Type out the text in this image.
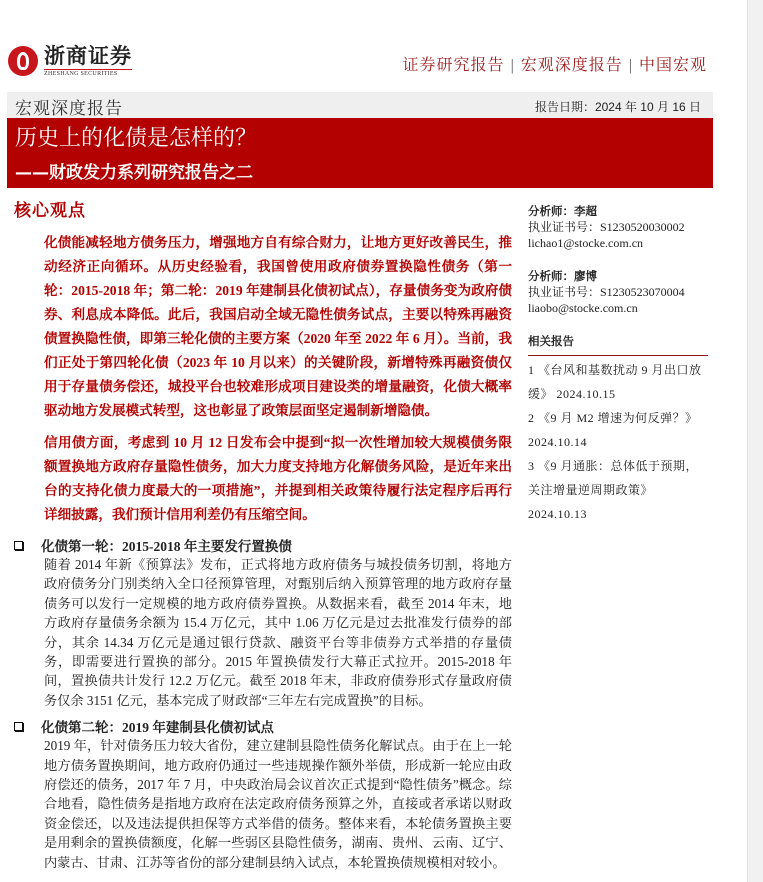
浙商证券
ZHESHANG SECURITIES	证券研究报告 | 宏观深度报告 | 中国宏观
宏观深度报告	报告日期：2024 年 10 月 16 日
历史上的化债是怎样的？
——财政发力系列研究报告之二
分析师：李超
执业证书号：S1230520030002
lichao1@stocke.com.cn
分析师：廖博
执业证书号：S1230523070004
liaobo@stocke.com.cn
相关报告
1 《台风和基数扰动 9 月出口放
缓》 2024.10.15
2 《9 月 M2 增速为何反弹？》
2024.10.14
3 《9 月通胀：总体低于预期，
关注增量逆周期政策》
2024.10.13
核心观点

化债能减轻地方债务压力，增强地方自有综合财力，让地方更好改善民生，推动经济正向循环。从历史经验看，我国曾使用政府债券置换隐性债务（第一轮：2015-2018 年；第二轮：2019 年建制县化债初试点），存量债务变为政府债券、利息成本降低。此后，我国启动全域无隐性债务试点，主要以特殊再融资债置换隐性债，即第三轮化债的主要方案（2020 年至 2022 年 6 月）。当前，我们正处于第四轮化债（2023 年 10 月以来）的关键阶段，新增特殊再融资债仅用于存量债务偿还，城投平台也较难形成项目建设类的增量融资，化债大概率驱动地方发展模式转型，这也彰显了政策层面坚定遏制新增隐债。

信用债方面，考虑到 10 月 12 日发布会中提到“拟一次性增加较大规模债务限额置换地方政府存量隐性债务，加大力度支持地方化解债务风险，是近年来出台的支持化债力度最大的一项措施”，并提到相关政策待履行法定程序后再行详细披露，我们预计信用利差仍有压缩空间。

化债第一轮：2015-2018 年主要发行置换债
随着 2014 年新《预算法》发布，正式将地方政府债务与城投债务切割，将地方政府债务分门别类纳入全口径预算管理，对甄别后纳入预算管理的地方政府存量债务可以发行一定规模的地方政府债券置换。从数据来看，截至 2014 年末，地方政府存量债务余额为 15.4 万亿元，其中 1.06 万亿元是过去批准发行债券的部分，其余 14.34 万亿元是通过银行贷款、融资平台等非债券方式举措的存量债务，即需要进行置换的部分。2015 年置换债发行大幕正式拉开。2015-2018 年间，置换债共计发行 12.2 万亿元。截至 2018 年末，非政府债券形式存量政府债务仅余 3151 亿元，基本完成了财政部“三年左右完成置换”的目标。
化债第二轮：2019 年建制县化债初试点
2019 年，针对债务压力较大省份，建立建制县隐性债务化解试点。由于在上一轮地方债务置换期间，地方政府仍通过一些违规操作额外举债，形成新一轮应由政府偿还的债务，2017 年 7 月，中央政治局会议首次正式提到“隐性债务”概念。综合地看，隐性债务是指地方政府在法定政府债务预算之外，直接或者承诺以财政资金偿还，以及违法提供担保等方式举借的债务。整体来看，本轮债务置换主要是用剩余的置换债额度，化解一些弱区县隐性债务，湖南、贵州、云南、辽宁、内蒙古、甘肃、江苏等省份的部分建制县纳入试点，本轮置换债规模相对较小。
